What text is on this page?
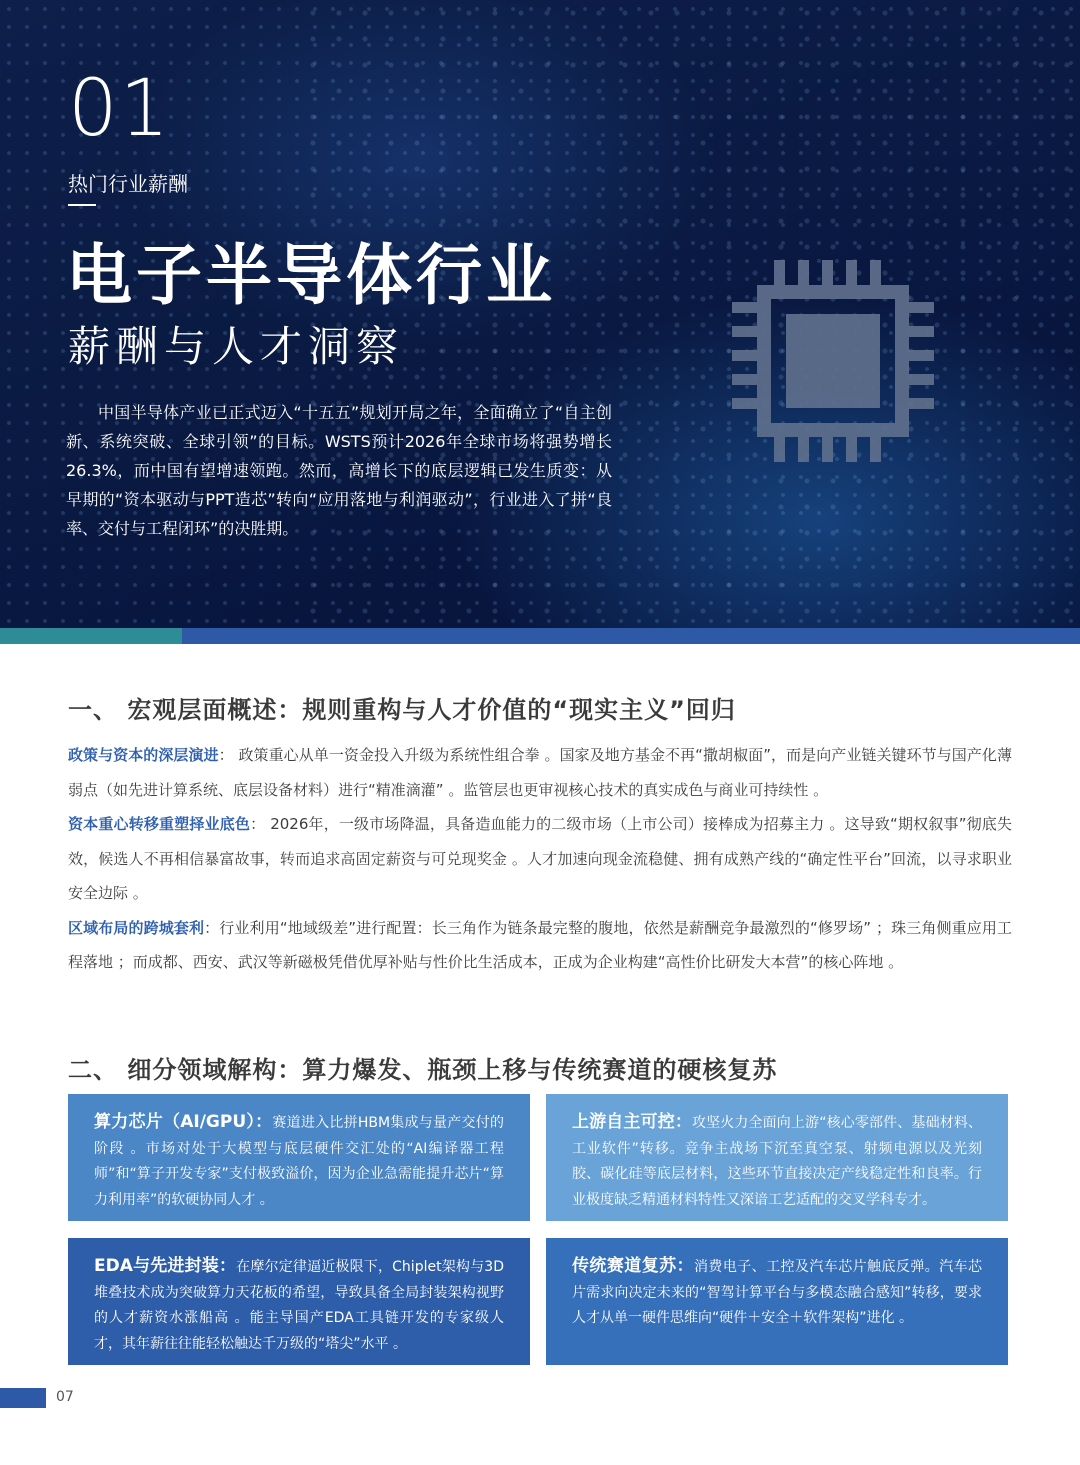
01
热门行业薪酬
电子半导体行业
薪酬与人才洞察
中国半导体产业已正式迈入“十五五”规划开局之年，全面确立了“自主创新、系统突破、全球引领”的目标。WSTS预计2026年全球市场将强势增长26.3%，而中国有望增速领跑。然而，高增长下的底层逻辑已发生质变：从早期的“资本驱动与PPT造芯”转向“应用落地与利润驱动”，行业进入了拼“良率、交付与工程闭环”的决胜期。
一、 宏观层面概述：规则重构与人才价值的“现实主义”回归

政策与资本的深层演进： 政策重心从单一资金投入升级为系统性组合拳 。国家及地方基金不再“撒胡椒面”，而是向产业链关键环节与国产化薄弱点（如先进计算系统、底层设备材料）进行“精准滴灌” 。监管层也更审视核心技术的真实成色与商业可持续性 。

资本重心转移重塑择业底色： 2026年，一级市场降温，具备造血能力的二级市场（上市公司）接棒成为招募主力 。这导致“期权叙事”彻底失效，候选人不再相信暴富故事，转而追求高固定薪资与可兑现奖金 。人才加速向现金流稳健、拥有成熟产线的“确定性平台”回流，以寻求职业安全边际 。

区域布局的跨城套利：行业利用“地域级差”进行配置：长三角作为链条最完整的腹地，依然是薪酬竞争最激烈的“修罗场” ；珠三角侧重应用工程落地 ；而成都、西安、武汉等新磁极凭借优厚补贴与性价比生活成本，正成为企业构建“高性价比研发大本营”的核心阵地 。

二、 细分领域解构：算力爆发、瓶颈上移与传统赛道的硬核复苏
算力芯片（AI/GPU）：赛道进入比拼HBM集成与量产交付的阶段 。市场对处于大模型与底层硬件交汇处的“AI编译器工程师”和“算子开发专家”支付极致溢价，因为企业急需能提升芯片“算力利用率”的软硬协同人才 。
上游自主可控：攻坚火力全面向上游“核心零部件、基础材料、工业软件”转移。竞争主战场下沉至真空泵、射频电源以及光刻胶、碳化硅等底层材料，这些环节直接决定产线稳定性和良率。行业极度缺乏精通材料特性又深谙工艺适配的交叉学科专才。
EDA与先进封装：在摩尔定律逼近极限下，Chiplet架构与3D堆叠技术成为突破算力天花板的希望，导致具备全局封装架构视野的人才薪资水涨船高 。能主导国产EDA工具链开发的专家级人才，其年薪往往能轻松触达千万级的“塔尖”水平 。
传统赛道复苏：消费电子、工控及汽车芯片触底反弹。汽车芯片需求向决定未来的“智驾计算平台与多模态融合感知”转移，要求人才从单一硬件思维向“硬件＋安全＋软件架构”进化 。
07
